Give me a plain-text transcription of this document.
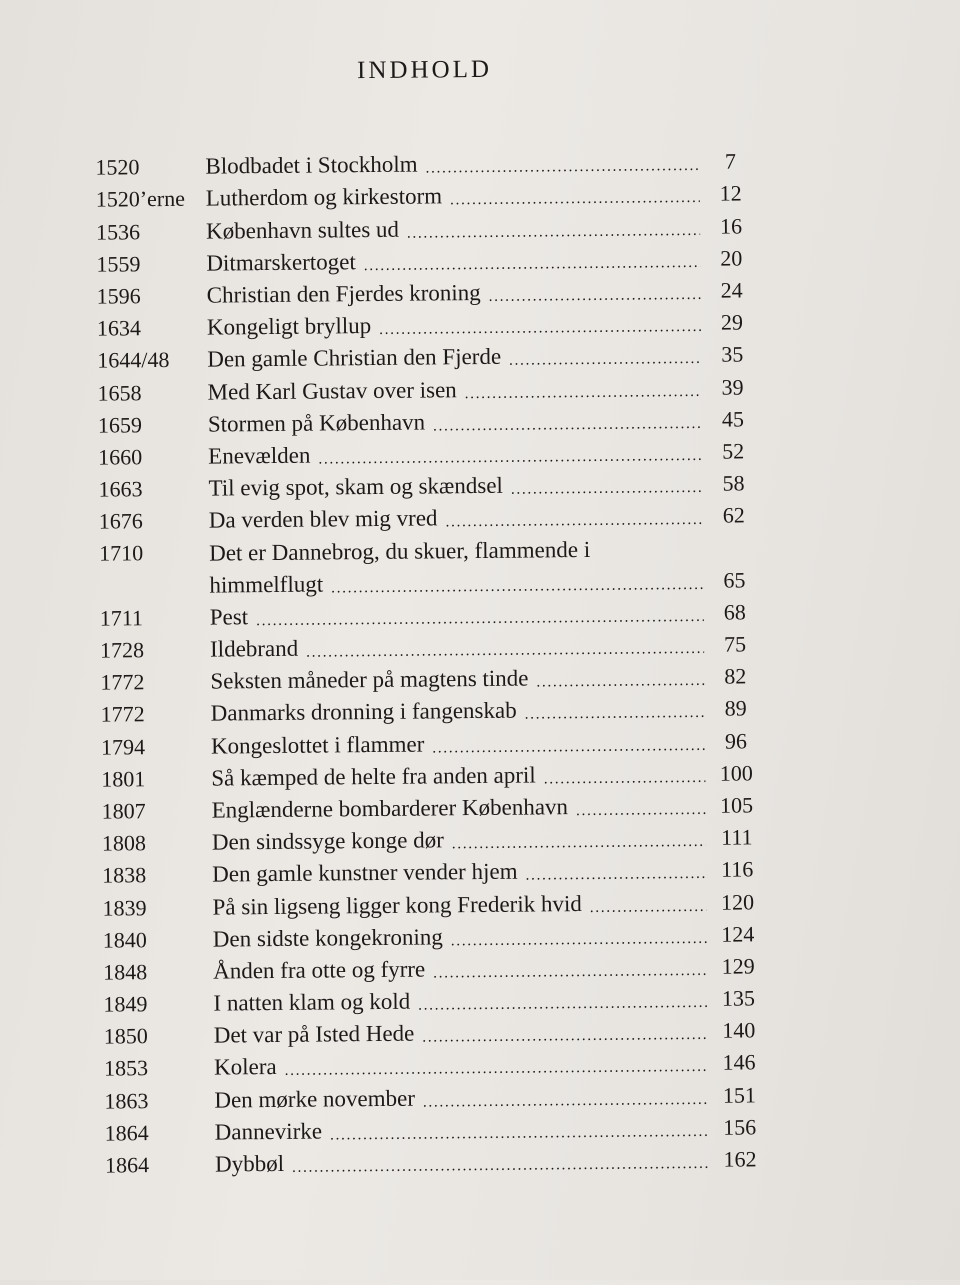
INDHOLD
1520	Blodbadet i Stockholm . . .	7
1520’erne Lutherdom og kirkestorm . . .	12
1536	København sultes ud . . .	16
1559	Ditmarskertoget . . .	20
1596	Christian den Fjerdes kroning . . .	24
1634	Kongeligt bryllup . . .	29
1644/48	Den gamle Christian den Fjerde . . .	35
1658	Med Karl Gustav over isen . . .	39
1659	Stormen på København . . .	45
1660	Enevælden . . .	52
1663	Til evig spot, skam og skændsel . . .	58
1676	Da verden blev mig vred . . .	62
1710	Det er Dannebrog, du skuer, flammende i
himmelflugt . . .	65
1711	Pest . . .	68
1728	Ildebrand . . .	75
1772	Seksten måneder på magtens tinde . . .	82
1772	Danmarks dronning i fangenskab . . .	89
1794	Kongeslottet i flammer . . .	96
1801	Så kæmped de helte fra anden april . . .	100
1807	Englænderne bombarderer København . . .	105
1808	Den sindssyge konge dør . . .	111
1838	Den gamle kunstner vender hjem . . .	116
1839	På sin ligseng ligger kong Frederik hvid . . .	120
1840	Den sidste kongekroning . . .	124
1848	Ånden fra otte og fyrre . . .	129
1849	I natten klam og kold . . .	135
1850	Det var på Isted Hede . . .	140
1853	Kolera . . .	146
1863	Den mørke november . . .	151
1864	Dannevirke . . .	156
1864	Dybbøl . . .	162
